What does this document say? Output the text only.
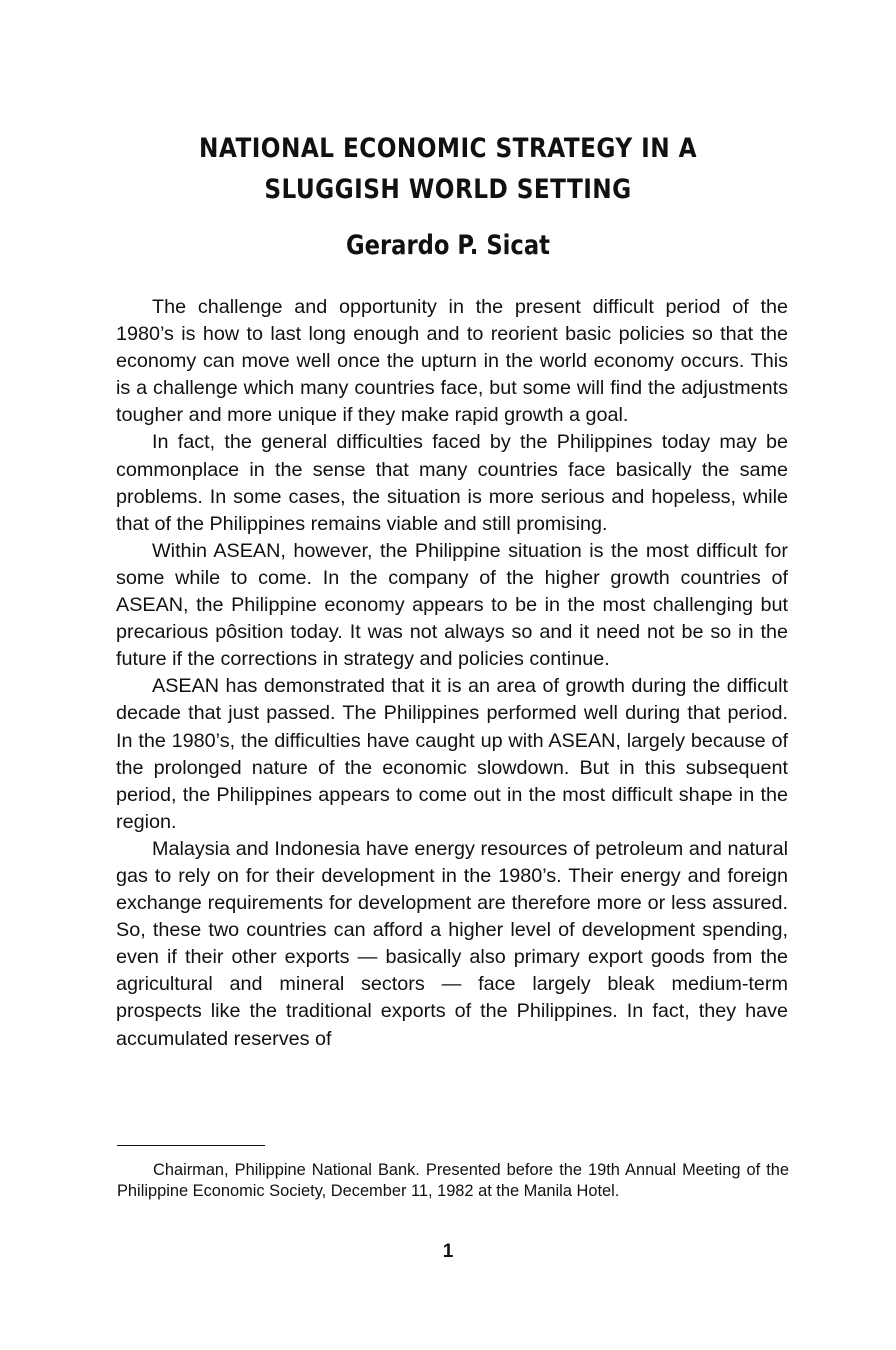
NATIONAL ECONOMIC STRATEGY IN A
SLUGGISH WORLD SETTING
Gerardo P. Sicat

The challenge and opportunity in the present difficult period of the 1980’s is how to last long enough and to reorient basic policies so that the economy can move well once the upturn in the world economy occurs. This is a challenge which many countries face, but some will find the adjustments tougher and more unique if they make rapid growth a goal.

In fact, the general difficulties faced by the Philippines today may be commonplace in the sense that many countries face basically the same problems. In some cases, the situation is more serious and hopeless, while that of the Philippines remains viable and still promising.

Within ASEAN, however, the Philippine situation is the most difficult for some while to come. In the company of the higher growth countries of ASEAN, the Philippine economy appears to be in the most challenging but precarious pôsition today. It was not always so and it need not be so in the future if the corrections in strategy and policies continue.

ASEAN has demonstrated that it is an area of growth during the difficult decade that just passed. The Philippines performed well during that period. In the 1980’s, the difficulties have caught up with ASEAN, largely because of the prolonged nature of the economic slowdown. But in this subsequent period, the Philippines appears to come out in the most difficult shape in the region.

Malaysia and Indonesia have energy resources of petroleum and natural gas to rely on for their development in the 1980’s. Their energy and foreign exchange requirements for development are therefore more or less assured. So, these two countries can afford a higher level of development spending, even if their other exports — basically also primary export goods from the agricultural and mineral sectors — face largely bleak medium-term prospects like the traditional exports of the Philippines. In fact, they have accumulated reserves of

Chairman, Philippine National Bank. Presented before the 19th Annual Meeting of the Philippine Economic Society, December 11, 1982 at the Manila Hotel.
1
